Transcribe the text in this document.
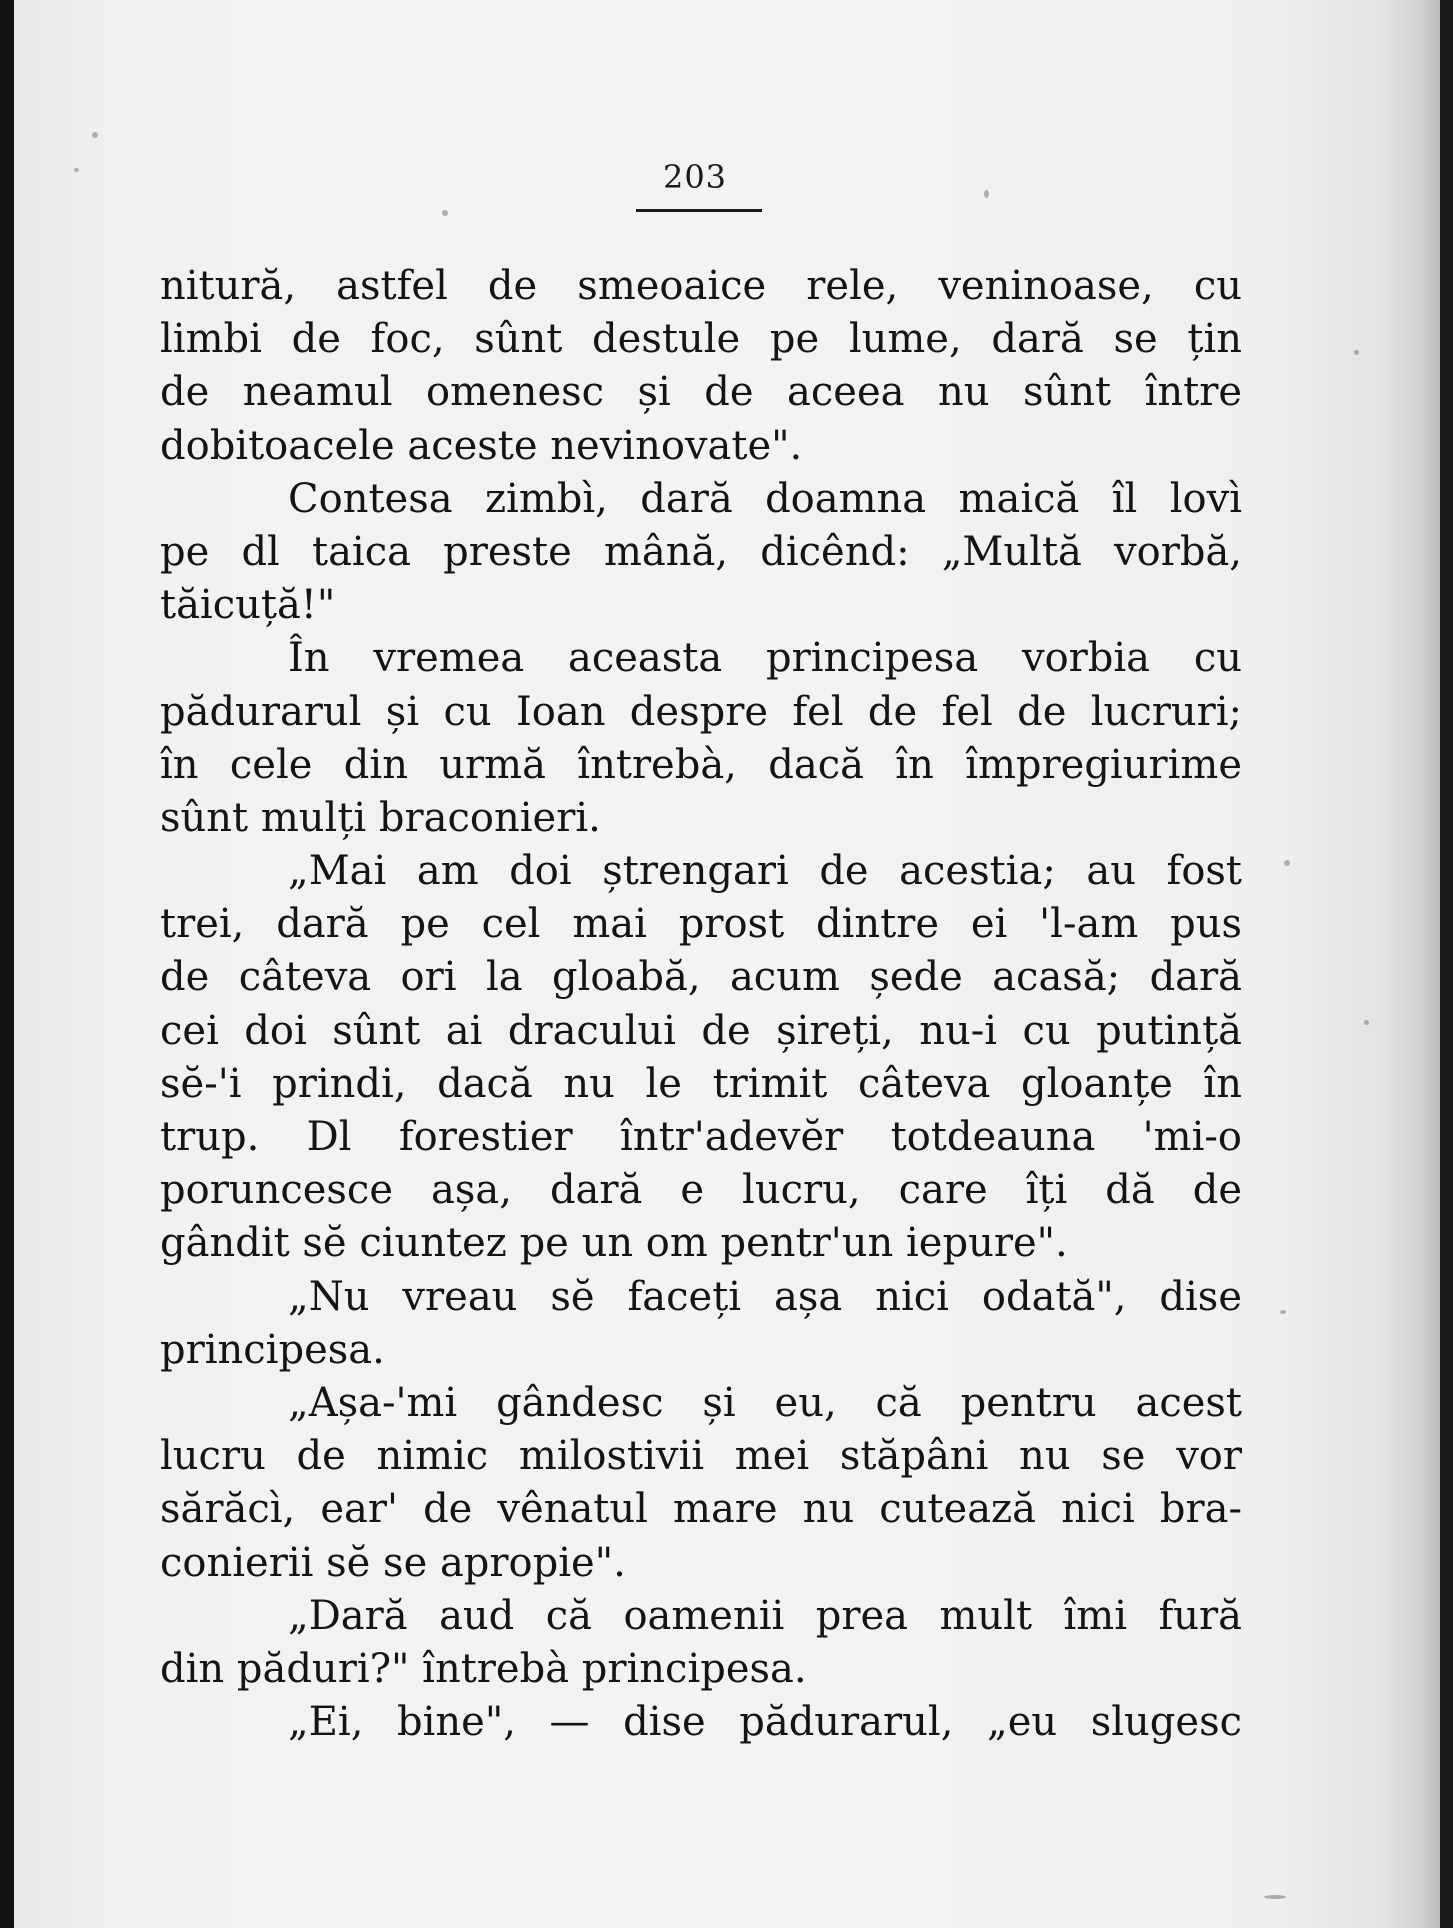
203
nitură, astfel de smeoaice rele, veninoase, cu
limbi de foc, sûnt destule pe lume, dară se țin
de neamul omenesc și de aceea nu sûnt între
dobitoacele aceste nevinovate".
Contesa zimbì, dară doamna maică îl lovì
pe dl taica preste mână, dicênd: „Multă vorbă,
tăicuță!"
În vremea aceasta principesa vorbia cu
pădurarul și cu Ioan despre fel de fel de lucruri;
în cele din urmă întrebà, dacă în împregiurime
sûnt mulți braconieri.
„Mai am doi ștrengari de acestia; au fost
trei, dară pe cel mai prost dintre ei 'l-am pus
de câteva ori la gloabă, acum șede acasă; dară
cei doi sûnt ai dracului de șireți, nu-i cu putință
sĕ-'i prindi, dacă nu le trimit câteva gloanțe în
trup. Dl forestier într'adevĕr totdeauna 'mi-o
poruncesce așa, dară e lucru, care îți dă de
gândit sĕ ciuntez pe un om pentr'un iepure".
„Nu vreau sĕ faceți așa nici odată", dise
principesa.
„Așa-'mi gândesc și eu, că pentru acest
lucru de nimic milostivii mei stăpâni nu se vor
sărăcì, ear' de vênatul mare nu cutează nici bra-
conierii sĕ se apropie".
„Dară aud că oamenii prea mult îmi fură
din păduri?" întrebà principesa.
„Ei, bine", — dise pădurarul, „eu slugesc
